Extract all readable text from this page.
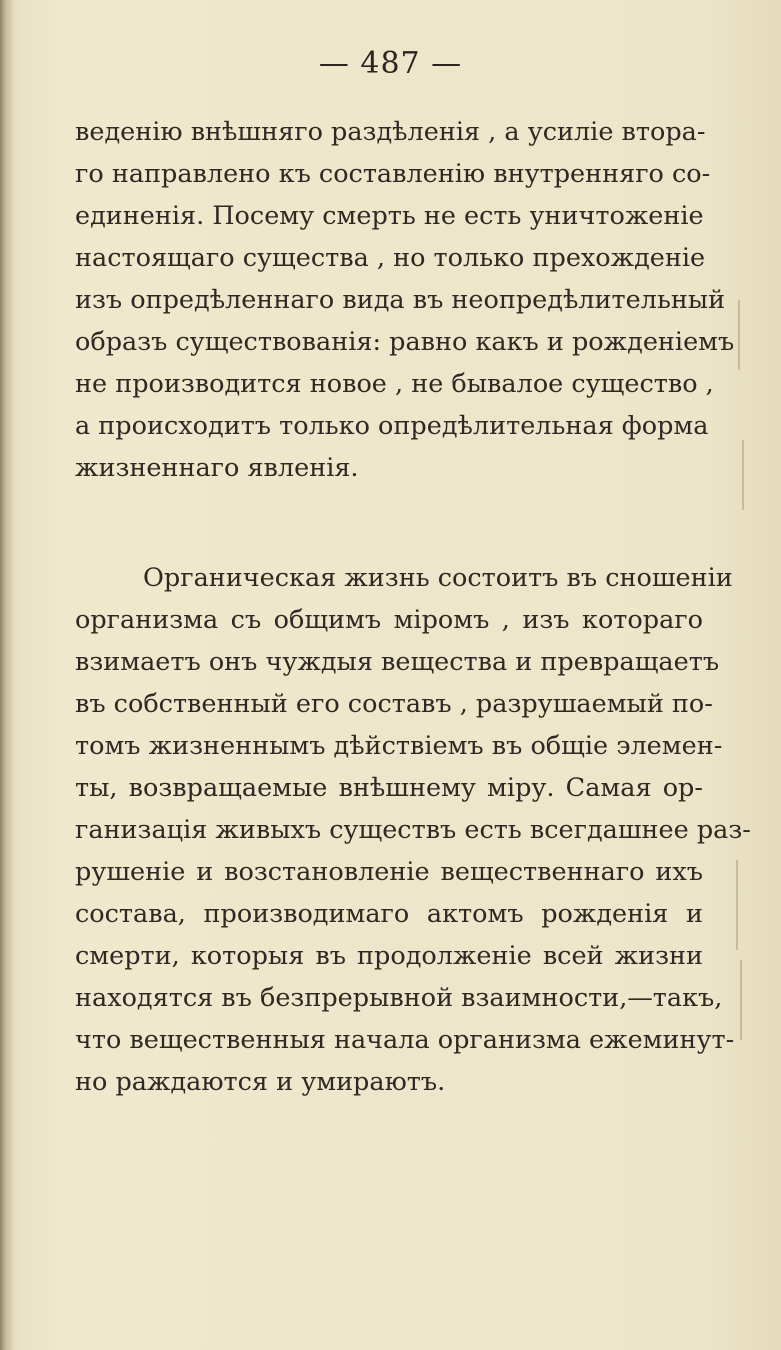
— 487 —
веденію внѣшняго раздѣленія , а усиліе втора-
го направлено къ составленію внутренняго со-
единенія. Посему смерть не есть уничтоженіе
настоящаго существа , но только прехожденіе
изъ опредѣленнаго вида въ неопредѣлительный
образъ существованія: равно какъ и рожденіемъ
не производится новое , не бывалое существо ,
а происходитъ только опредѣлительная форма
жизненнаго явленія.
Органическая жизнь состоитъ въ сношеніи
организма съ общимъ міромъ , изъ котораго
взимаетъ онъ чуждыя вещества и превращаетъ
въ собственный его составъ , разрушаемый по-
томъ жизненнымъ дѣйствіемъ въ общіе элемен-
ты, возвращаемые внѣшнему міру. Самая ор-
ганизація живыхъ существъ есть всегдашнее раз-
рушеніе и возстановленіе вещественнаго ихъ
состава, производимаго актомъ рожденія и
смерти, которыя въ продолженіе всей жизни
находятся въ безпрерывной взаимности,—такъ,
что вещественныя начала организма ежеминут-
но раждаются и умираютъ.
